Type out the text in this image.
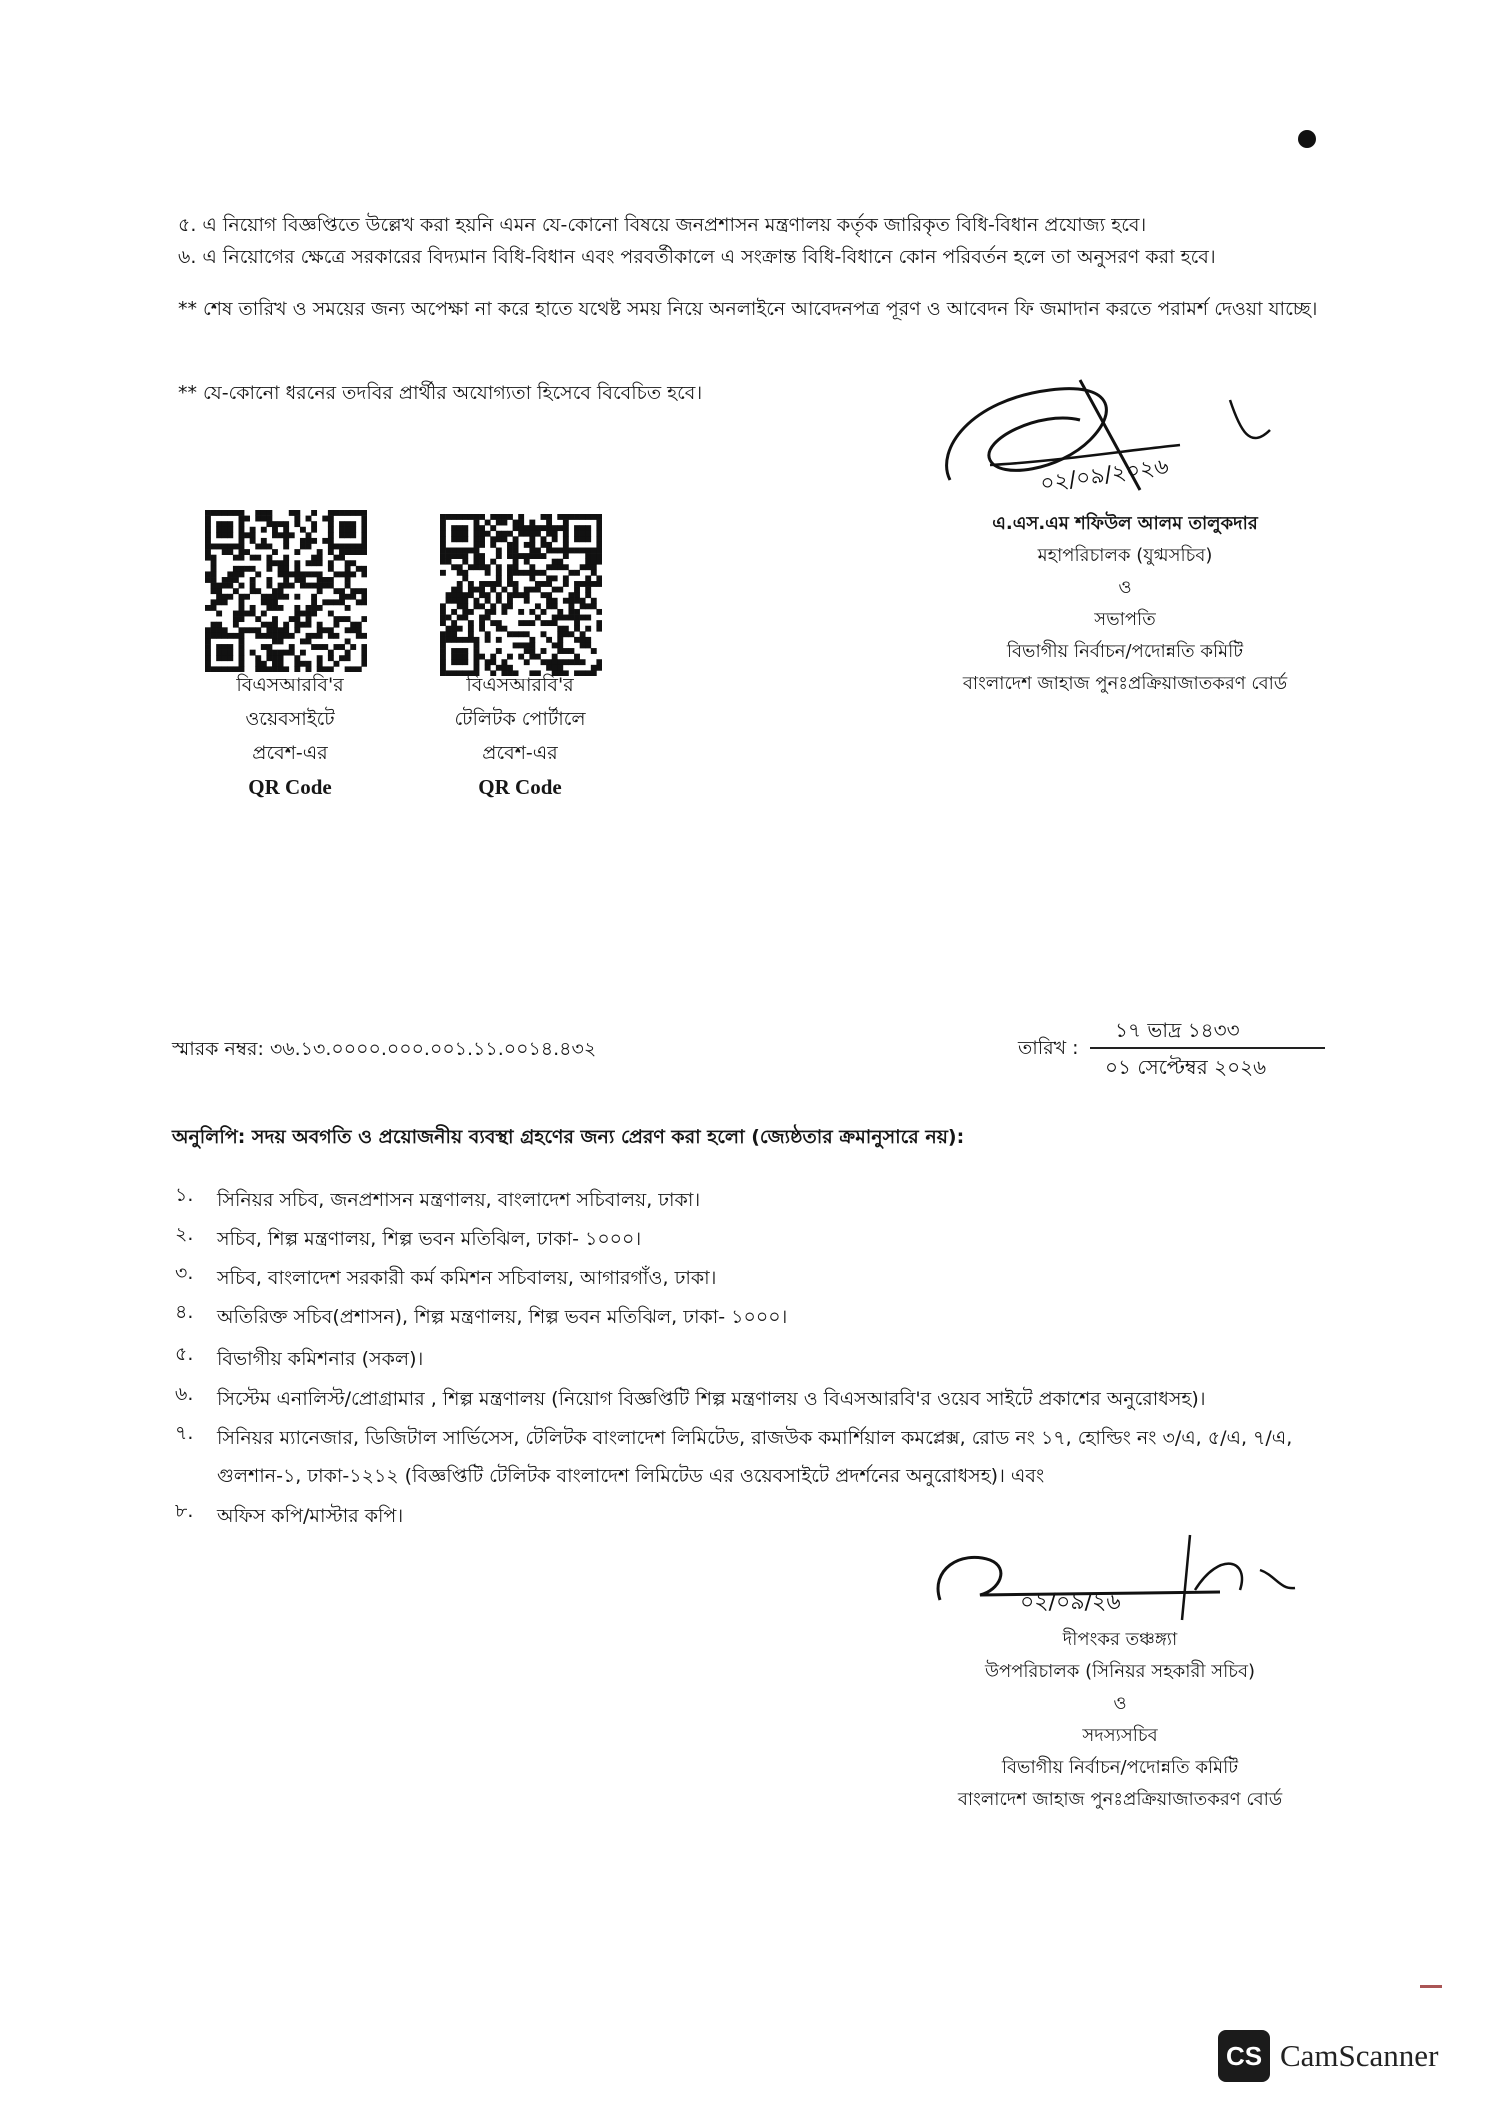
৫. এ নিয়োগ বিজ্ঞপ্তিতে উল্লেখ করা হয়নি এমন যে-কোনো বিষয়ে জনপ্রশাসন মন্ত্রণালয় কর্তৃক জারিকৃত বিধি-বিধান প্রযোজ্য হবে।
৬. এ নিয়োগের ক্ষেত্রে সরকারের বিদ্যমান বিধি-বিধান এবং পরবর্তীকালে এ সংক্রান্ত বিধি-বিধানে কোন পরিবর্তন হলে তা অনুসরণ করা হবে।
** শেষ তারিখ ও সময়ের জন্য অপেক্ষা না করে হাতে যথেষ্ট সময় নিয়ে অনলাইনে আবেদনপত্র পূরণ ও আবেদন ফি জমাদান করতে পরামর্শ দেওয়া যাচ্ছে।
** যে-কোনো ধরনের তদবির প্রার্থীর অযোগ্যতা হিসেবে বিবেচিত হবে।
০২/০৯/২০২৬
এ.এস.এম শফিউল আলম তালুকদার
মহাপরিচালক (যুগ্মসচিব)
ও
সভাপতি
বিভাগীয় নির্বাচন/পদোন্নতি কমিটি
বাংলাদেশ জাহাজ পুনঃপ্রক্রিয়াজাতকরণ বোর্ড
বিএসআরবি'র
ওয়েবসাইটে
প্রবেশ-এর
QR Code
বিএসআরবি'র
টেলিটক পোর্টালে
প্রবেশ-এর
QR Code
স্মারক নম্বর: ৩৬.১৩.০০০০.০০০.০০১.১১.০০১৪.৪৩২	তারিখ :
১৭ ভাদ্র ১৪৩৩
০১ সেপ্টেম্বর ২০২৬
অনুলিপি: সদয় অবগতি ও প্রয়োজনীয় ব্যবস্থা গ্রহণের জন্য প্রেরণ করা হলো (জ্যেষ্ঠতার ক্রমানুসারে নয়):
১.	সিনিয়র সচিব, জনপ্রশাসন মন্ত্রণালয়, বাংলাদেশ সচিবালয়, ঢাকা।
২.	সচিব, শিল্প মন্ত্রণালয়, শিল্প ভবন মতিঝিল, ঢাকা- ১০০০।
৩.	সচিব, বাংলাদেশ সরকারী কর্ম কমিশন সচিবালয়, আগারগাঁও, ঢাকা।
৪.	অতিরিক্ত সচিব(প্রশাসন), শিল্প মন্ত্রণালয়, শিল্প ভবন মতিঝিল, ঢাকা- ১০০০।
৫.	বিভাগীয় কমিশনার (সকল)।
৬.	সিস্টেম এনালিস্ট/প্রোগ্রামার , শিল্প মন্ত্রণালয় (নিয়োগ বিজ্ঞপ্তিটি শিল্প মন্ত্রণালয় ও বিএসআরবি'র ওয়েব সাইটে প্রকাশের অনুরোধসহ)।
৭.	সিনিয়র ম্যানেজার, ডিজিটাল সার্ভিসেস, টেলিটক বাংলাদেশ লিমিটেড, রাজউক কমার্শিয়াল কমপ্লেক্স, রোড নং ১৭, হোল্ডিং নং ৩/এ, ৫/এ, ৭/এ, গুলশান-১, ঢাকা-১২১২ (বিজ্ঞপ্তিটি টেলিটক বাংলাদেশ লিমিটেড এর ওয়েবসাইটে প্রদর্শনের অনুরোধসহ)। এবং
৮.	অফিস কপি/মাস্টার কপি।
০২/০৯/২৬
দীপংকর তঞ্চঙ্গ্যা
উপপরিচালক (সিনিয়র সহকারী সচিব)
ও
সদস্যসচিব
বিভাগীয় নির্বাচন/পদোন্নতি কমিটি
বাংলাদেশ জাহাজ পুনঃপ্রক্রিয়াজাতকরণ বোর্ড
CS CamScanner
